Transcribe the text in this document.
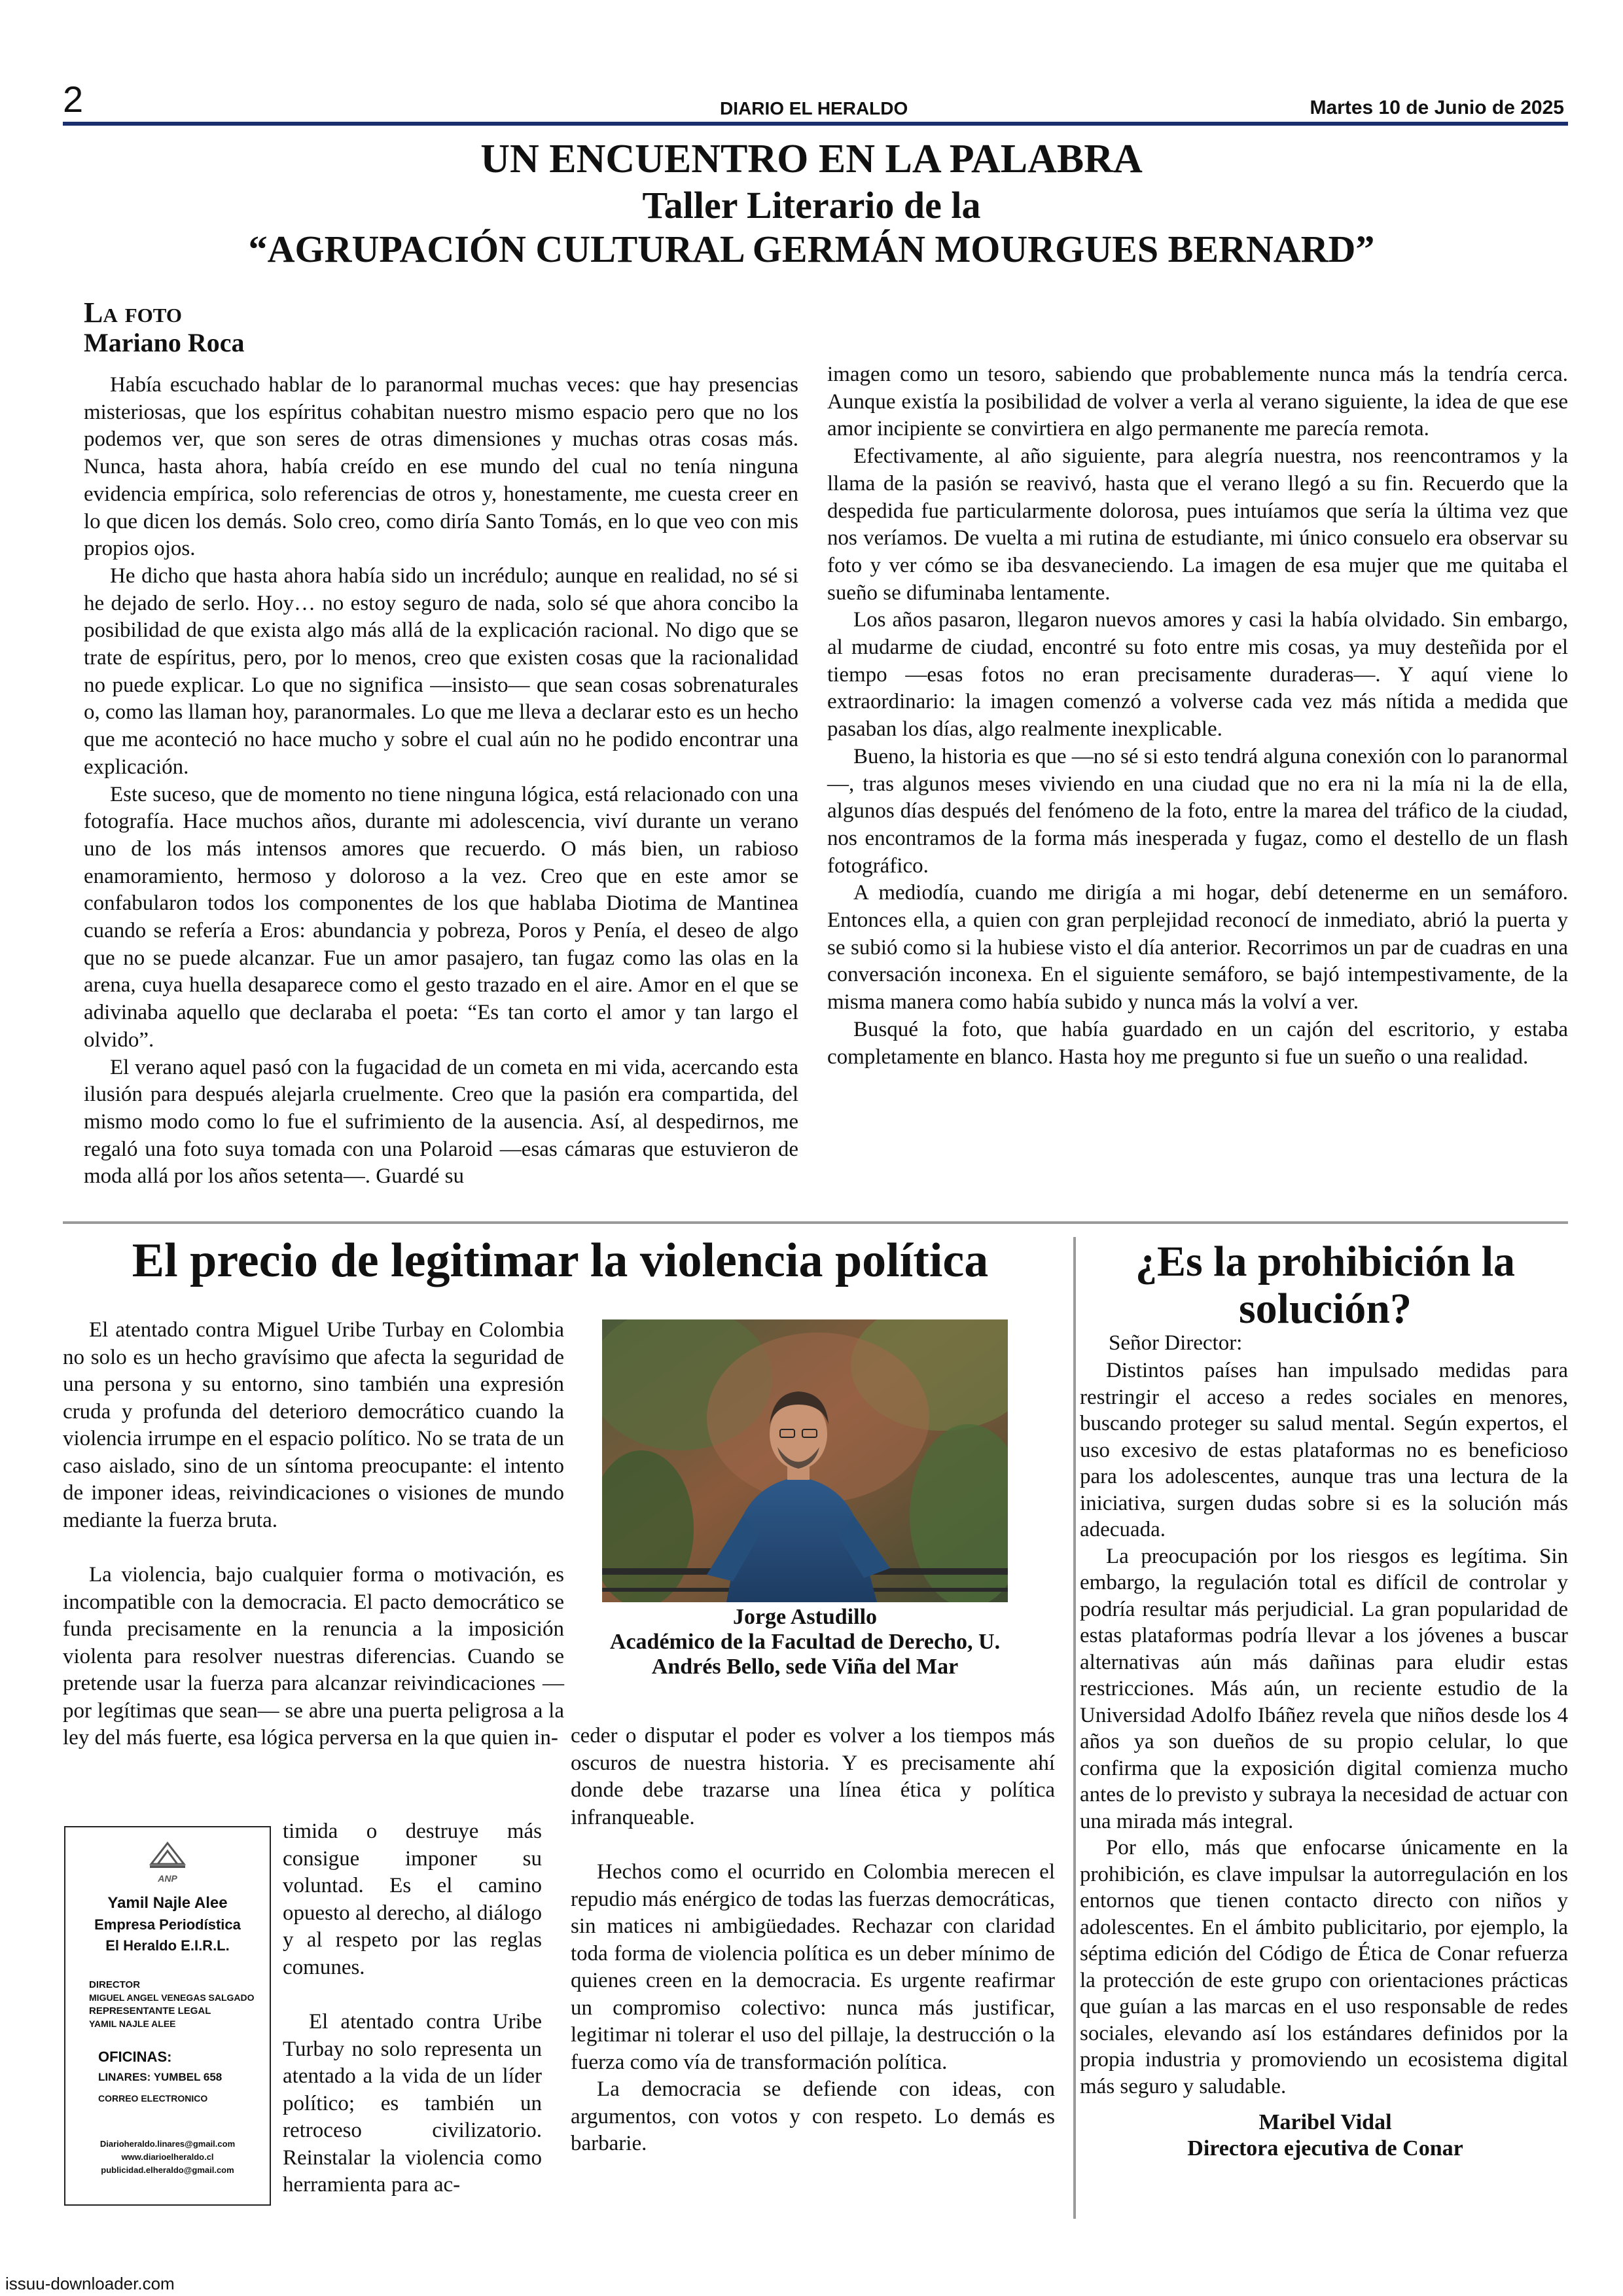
2	DIARIO EL HERALDO	Martes 10 de Junio de 2025
UN ENCUENTRO EN LA PALABRA
Taller Literario de la
“AGRUPACIÓN CULTURAL GERMÁN MOURGUES BERNARD”
La foto
Mariano Roca

Había escuchado hablar de lo paranormal muchas veces: que hay presencias misteriosas, que los espíritus cohabitan nuestro mismo espacio pero que no los podemos ver, que son seres de otras dimensiones y muchas otras cosas más. Nunca, hasta ahora, había creído en ese mundo del cual no tenía ninguna evidencia empírica, solo referencias de otros y, honestamente, me cuesta creer en lo que dicen los demás. Solo creo, como diría Santo Tomás, en lo que veo con mis propios ojos.

He dicho que hasta ahora había sido un incrédulo; aunque en realidad, no sé si he dejado de serlo. Hoy… no estoy seguro de nada, solo sé que ahora concibo la posibilidad de que exista algo más allá de la explicación racional. No digo que se trate de espíritus, pero, por lo menos, creo que existen cosas que la racionalidad no puede explicar. Lo que no significa —insisto— que sean cosas sobrenaturales o, como las llaman hoy, paranormales. Lo que me lleva a declarar esto es un hecho que me aconteció no hace mucho y sobre el cual aún no he podido encontrar una explicación.

Este suceso, que de momento no tiene ninguna lógica, está relacionado con una fotografía. Hace muchos años, durante mi adolescencia, viví durante un verano uno de los más intensos amores que recuerdo. O más bien, un rabioso enamoramiento, hermoso y doloroso a la vez. Creo que en este amor se confabularon todos los componentes de los que hablaba Diotima de Mantinea cuando se refería a Eros: abundancia y pobreza, Poros y Penía, el deseo de algo que no se puede alcanzar. Fue un amor pasajero, tan fugaz como las olas en la arena, cuya huella desaparece como el gesto trazado en el aire. Amor en el que se adivinaba aquello que declaraba el poeta: “Es tan corto el amor y tan largo el olvido”.

El verano aquel pasó con la fugacidad de un cometa en mi vida, acercando esta ilusión para después alejarla cruelmente. Creo que la pasión era compartida, del mismo modo como lo fue el sufrimiento de la ausencia. Así, al despedirnos, me regaló una foto suya tomada con una Polaroid —esas cámaras que estuvieron de moda allá por los años setenta—. Guardé su

imagen como un tesoro, sabiendo que probablemente nunca más la tendría cerca. Aunque existía la posibilidad de volver a verla al verano siguiente, la idea de que ese amor incipiente se convirtiera en algo permanente me parecía remota.

Efectivamente, al año siguiente, para alegría nuestra, nos reencontramos y la llama de la pasión se reavivó, hasta que el verano llegó a su fin. Recuerdo que la despedida fue particularmente dolorosa, pues intuíamos que sería la última vez que nos veríamos. De vuelta a mi rutina de estudiante, mi único consuelo era observar su foto y ver cómo se iba desvaneciendo. La imagen de esa mujer que me quitaba el sueño se difuminaba lentamente.

Los años pasaron, llegaron nuevos amores y casi la había olvidado. Sin embargo, al mudarme de ciudad, encontré su foto entre mis cosas, ya muy desteñida por el tiempo —esas fotos no eran precisamente duraderas—. Y aquí viene lo extraordinario: la imagen comenzó a volverse cada vez más nítida a medida que pasaban los días, algo realmente inexplicable.

Bueno, la historia es que —no sé si esto tendrá alguna conexión con lo paranormal—, tras algunos meses viviendo en una ciudad que no era ni la mía ni la de ella, algunos días después del fenómeno de la foto, entre la marea del tráfico de la ciudad, nos encontramos de la forma más inesperada y fugaz, como el destello de un flash fotográfico.

A mediodía, cuando me dirigía a mi hogar, debí detenerme en un semáforo. Entonces ella, a quien con gran perplejidad reconocí de inmediato, abrió la puerta y se subió como si la hubiese visto el día anterior. Recorrimos un par de cuadras en una conversación inconexa. En el siguiente semáforo, se bajó intempestivamente, de la misma manera como había subido y nunca más la volví a ver.

Busqué la foto, que había guardado en un cajón del escritorio, y estaba completamente en blanco. Hasta hoy me pregunto si fue un sueño o una realidad.

El precio de legitimar la violencia política

El atentado contra Miguel Uribe Turbay en Colombia no solo es un hecho gravísimo que afecta la seguridad de una persona y su entorno, sino también una expresión cruda y profunda del deterioro democrático cuando la violencia irrumpe en el espacio político. No se trata de un caso aislado, sino de un síntoma preocupante: el intento de imponer ideas, reivindicaciones o visiones de mundo mediante la fuerza bruta.

La violencia, bajo cualquier forma o motivación, es incompatible con la democracia. El pacto democrático se funda precisamente en la renuncia a la imposición violenta para resolver nuestras diferencias. Cuando se pretende usar la fuerza para alcanzar reivindicaciones —por legítimas que sean— se abre una puerta peligrosa a la ley del más fuerte, esa lógica perversa en la que quien in-

timida o destruye más consigue imponer su voluntad. Es el camino opuesto al derecho, al diálogo y al respeto por las reglas comunes.

El atentado contra Uribe Turbay no solo representa un atentado a la vida de un líder político; es también un retroceso civilizatorio. Reinstalar la violencia como herramienta para ac-

Jorge Astudillo
Académico de la Facultad de Derecho, U. Andrés Bello, sede Viña del Mar

ceder o disputar el poder es volver a los tiempos más oscuros de nuestra historia. Y es precisamente ahí donde debe trazarse una línea ética y política infranqueable.

Hechos como el ocurrido en Colombia merecen el repudio más enérgico de todas las fuerzas democráticas, sin matices ni ambigüedades. Rechazar con claridad toda forma de violencia política es un deber mínimo de quienes creen en la democracia. Es urgente reafirmar un compromiso colectivo: nunca más justificar, legitimar ni tolerar el uso del pillaje, la destrucción o la fuerza como vía de transformación política.

La democracia se defiende con ideas, con argumentos, con votos y con respeto. Lo demás es barbarie.

ANP
Yamil Najle Alee
Empresa Periodística
El Heraldo E.I.R.L.
DIRECTOR
MIGUEL ANGEL VENEGAS SALGADO
REPRESENTANTE LEGAL
YAMIL NAJLE ALEE
OFICINAS:
LINARES: YUMBEL 658
CORREO ELECTRONICO
Diarioheraldo.linares@gmail.com
www.diarioelheraldo.cl
publicidad.elheraldo@gmail.com
¿Es la prohibición la solución?
Señor Director:

Distintos países han impulsado medidas para restringir el acceso a redes sociales en menores, buscando proteger su salud mental. Según expertos, el uso excesivo de estas plataformas no es beneficioso para los adolescentes, aunque tras una lectura de la iniciativa, surgen dudas sobre si es la solución más adecuada.

La preocupación por los riesgos es legítima. Sin embargo, la regulación total es difícil de controlar y podría resultar más perjudicial. La gran popularidad de estas plataformas podría llevar a los jóvenes a buscar alternativas aún más dañinas para eludir estas restricciones. Más aún, un reciente estudio de la Universidad Adolfo Ibáñez revela que niños desde los 4 años ya son dueños de su propio celular, lo que confirma que la exposición digital comienza mucho antes de lo previsto y subraya la necesidad de actuar con una mirada más integral.

Por ello, más que enfocarse únicamente en la prohibición, es clave impulsar la autorregulación en los entornos que tienen contacto directo con niños y adolescentes. En el ámbito publicitario, por ejemplo, la séptima edición del Código de Ética de Conar refuerza la protección de este grupo con orientaciones prácticas que guían a las marcas en el uso responsable de redes sociales, elevando así los estándares definidos por la propia industria y promoviendo un ecosistema digital más seguro y saludable.

Maribel Vidal
Directora ejecutiva de Conar
issuu-downloader.com
